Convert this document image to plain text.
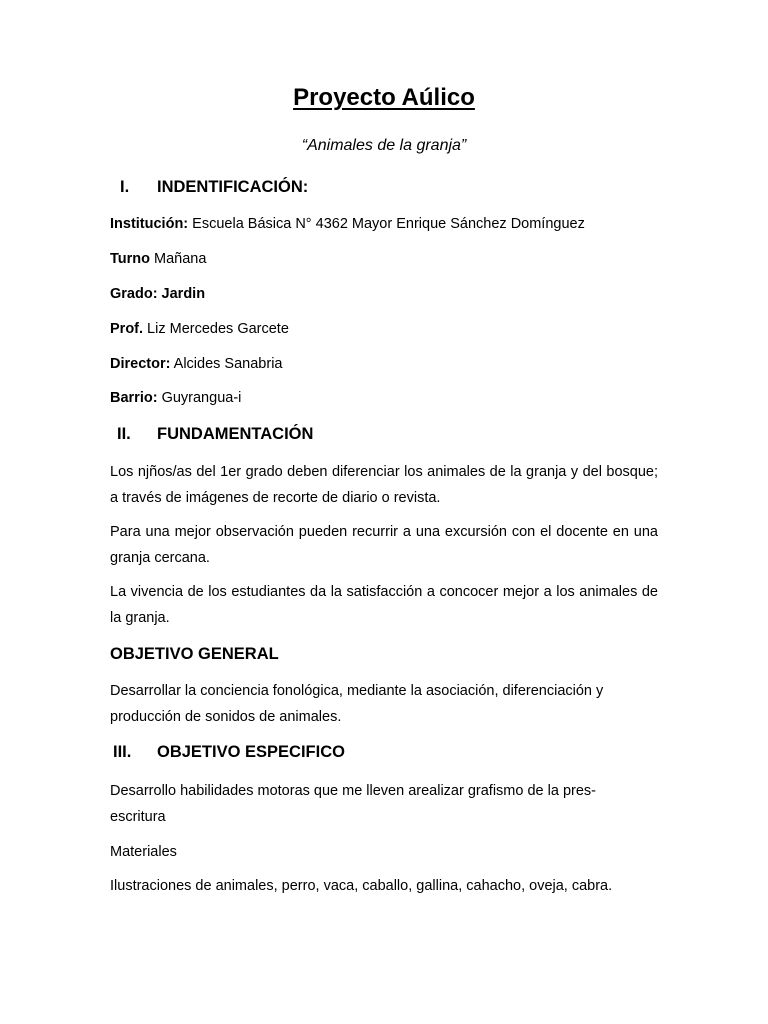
Proyecto Aúlico
“Animales de la granja”
I. INDENTIFICACIÓN:
Institución: Escuela Básica N° 4362 Mayor Enrique Sánchez Domínguez
Turno Mañana
Grado: Jardin
Prof. Liz Mercedes Garcete
Director: Alcides Sanabria
Barrio: Guyrangua-i
II. FUNDAMENTACIÓN
Los njños/as del 1er grado deben diferenciar los animales de la granja y del bosque; a través de imágenes de recorte de diario o revista.
Para una mejor observación pueden recurrir a una excursión con el docente en una granja cercana.
La vivencia de los estudiantes da la satisfacción a concocer mejor a los animales de la granja.
OBJETIVO GENERAL
Desarrollar la conciencia fonológica, mediante la asociación, diferenciación y producción de sonidos de animales.
III. OBJETIVO ESPECIFICO
Desarrollo habilidades motoras que me lleven arealizar grafismo de la pres-escritura
Materiales
Ilustraciones de animales, perro, vaca, caballo, gallina, cahacho, oveja, cabra.
